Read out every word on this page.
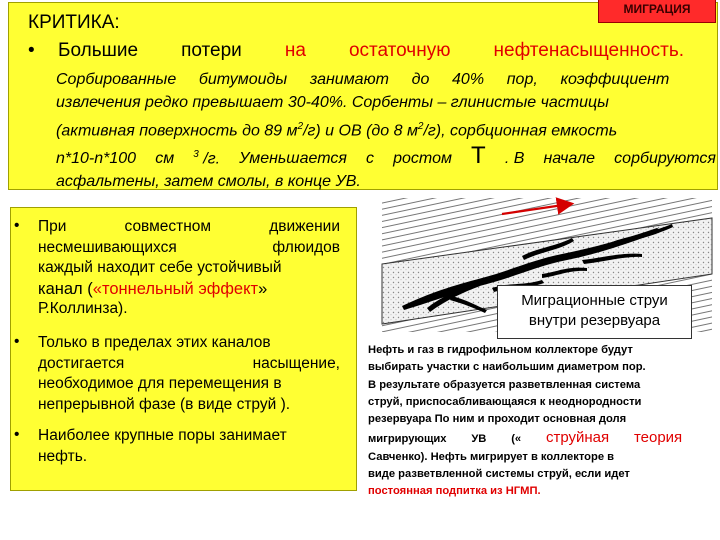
МИГРАЦИЯ
КРИТИКА:
•	Большие потери на остаточную нефтенасыщенность.
Сорбированные битумоиды занимают до 40% пор, коэффициент
извлечения редко превышает 30-40%. Сорбенты – глинистые частицы
(активная поверхность до 89 $м^2/г$) и ОВ (до 8 $м^2/г$), сорбционная емкость
n*10-n*100 см $^3$ /г. Уменьшается с ростом T . В начале сорбируются
асфальтены, затем смолы, в конце УВ.
• При	совместном	движении
несмешивающихся	флюидов
каждый находит себе устойчивый
канал ( «тоннельный эффект »
Р.Коллинза).
• Только в пределах этих каналов
достигается	насыщение,
необходимое для перемещения в
непрерывной фазе (в виде струй ).
• Наиболее крупные поры занимает
нефть.
Миграционные струи
внутри резервуара
Нефть и газ в гидрофильном коллекторе будут
выбирать участки с наибольшим диаметром пор.
В результате образуется разветвленная система
струй, приспосабливающаяся к неоднородности
резервуара По ним и проходит основная доля
мигрирующих УВ (« струйная теория
Савченко). Нефть мигрирует в коллекторе в
виде разветвленной системы струй, если идет
постоянная подпитка из НГМП.
